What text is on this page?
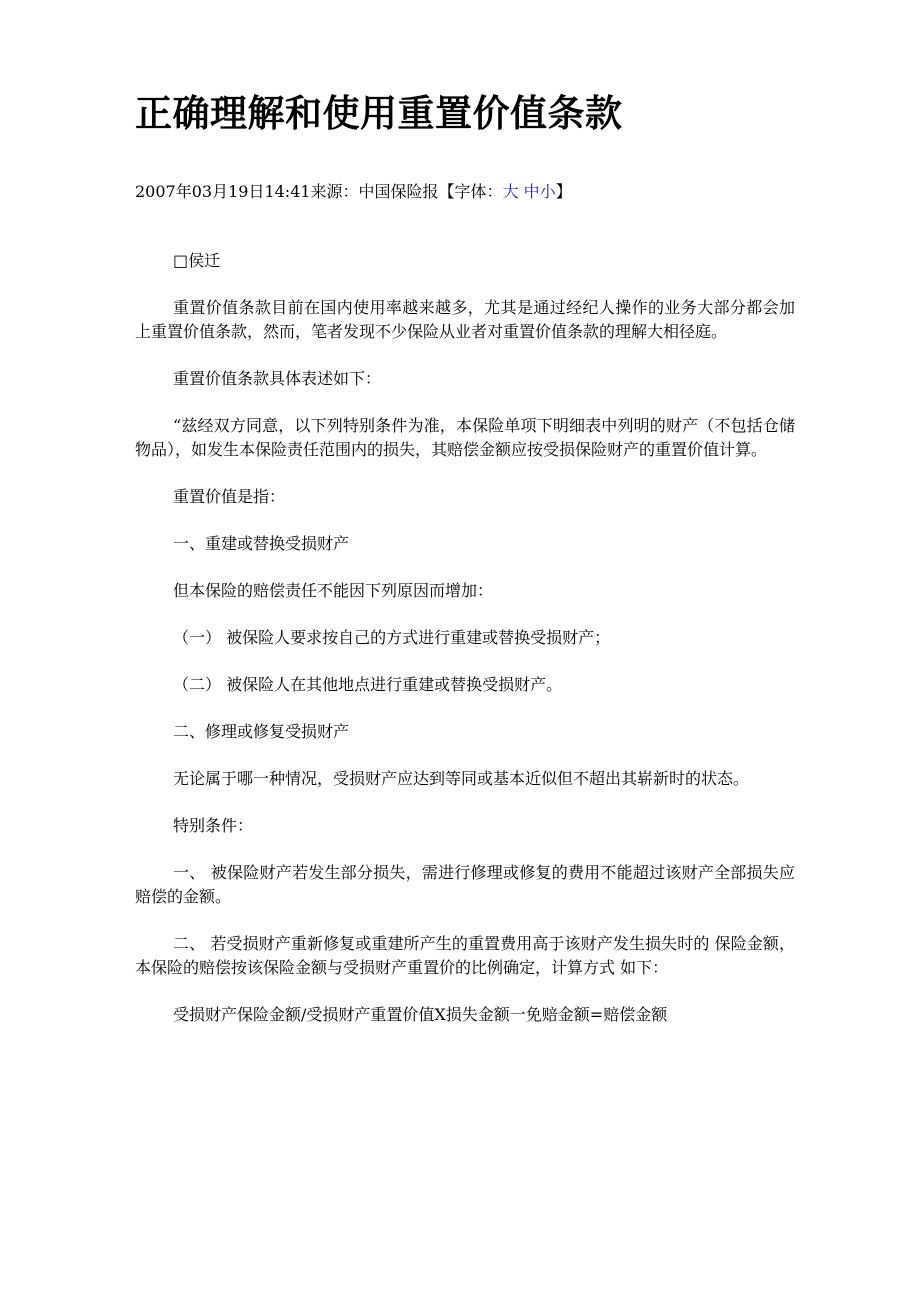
正确理解和使用重置价值条款
2007年03月19日14:41来源：中国保险报【字体：大 中小】

□侯迁

重置价值条款目前在国内使用率越来越多，尤其是通过经纪人操作的业务大部分都会加上重置价值条款，然而，笔者发现不少保险从业者对重置价值条款的理解大相径庭。

重置价值条款具体表述如下：

“兹经双方同意，以下列特别条件为准，本保险单项下明细表中列明的财产（不包括仓储物品），如发生本保险责任范围内的损失，其赔偿金额应按受损保险财产的重置价值计算。

重置价值是指：

一、重建或替换受损财产

但本保险的赔偿责任不能因下列原因而增加：

（一） 被保险人要求按自己的方式进行重建或替换受损财产；

（二） 被保险人在其他地点进行重建或替换受损财产。

二、修理或修复受损财产

无论属于哪一种情况，受损财产应达到等同或基本近似但不超出其崭新时的状态。

特别条件：

一、 被保险财产若发生部分损失，需进行修理或修复的费用不能超过该财产全部损失应赔偿的金额。

二、 若受损财产重新修复或重建所产生的重置费用高于该财产发生损失时的 保险金额，本保险的赔偿按该保险金额与受损财产重置价的比例确定，计算方式 如下：

受损财产保险金额/受损财产重置价值X损失金额一免赔金额=赔偿金额
